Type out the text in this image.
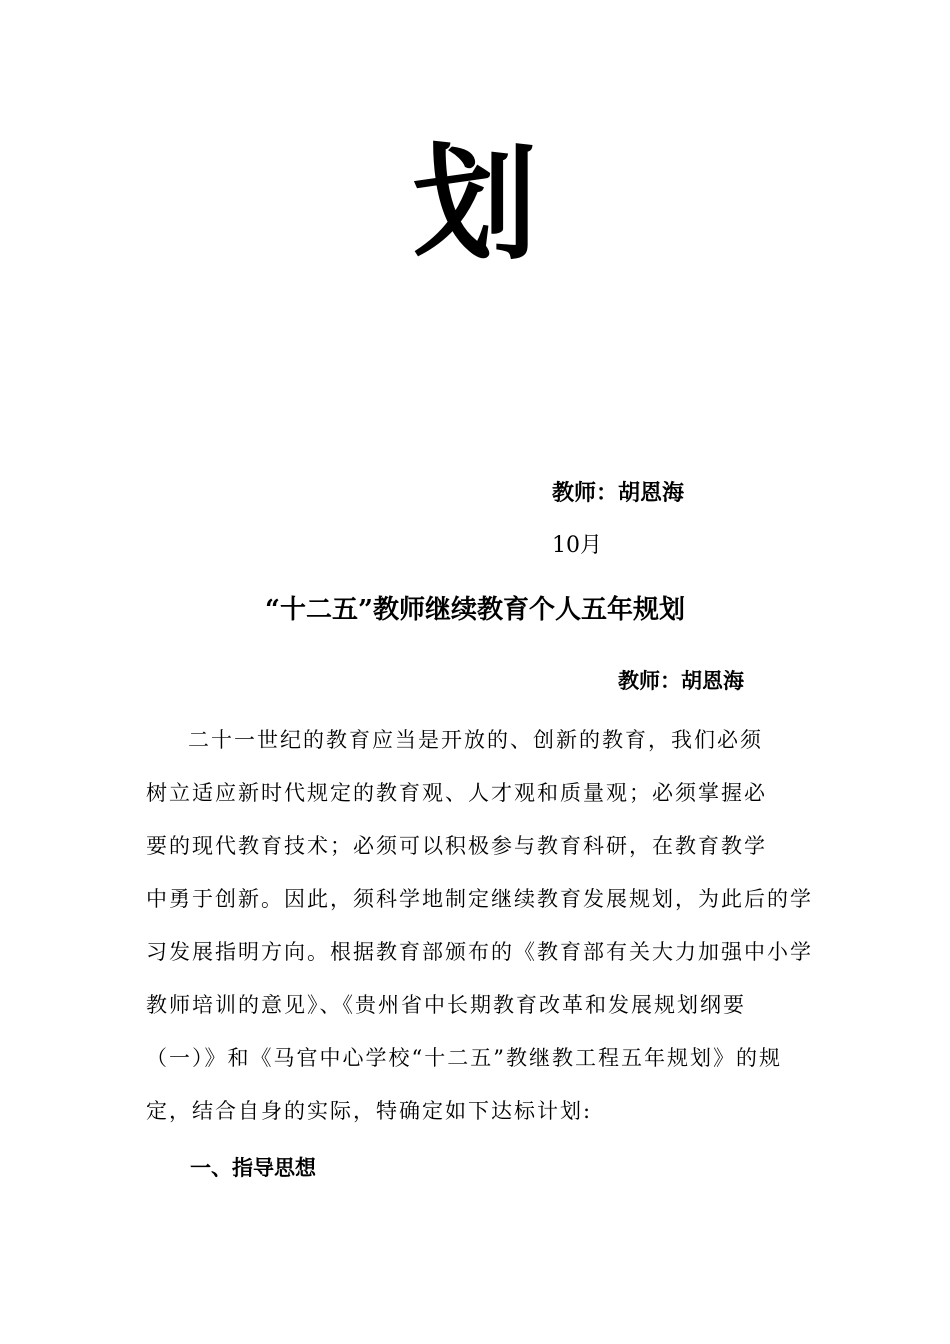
划
教师：胡恩海
10月
“十二五”教师继续教育个人五年规划
教师：胡恩海
二十一世纪的教育应当是开放的、创新的教育，我们必须
树立适应新时代规定的教育观、人才观和质量观；必须掌握必
要的现代教育技术；必须可以积极参与教育科研，在教育教学
中勇于创新。因此，须科学地制定继续教育发展规划，为此后的学
习发展指明方向。根据教育部颁布的《教育部有关大力加强中小学
教师培训的意见》、《贵州省中长期教育改革和发展规划纲要
（一）》和《马官中心学校“十二五”教继教工程五年规划》的规
定，结合自身的实际，特确定如下达标计划:
一、指导思想
